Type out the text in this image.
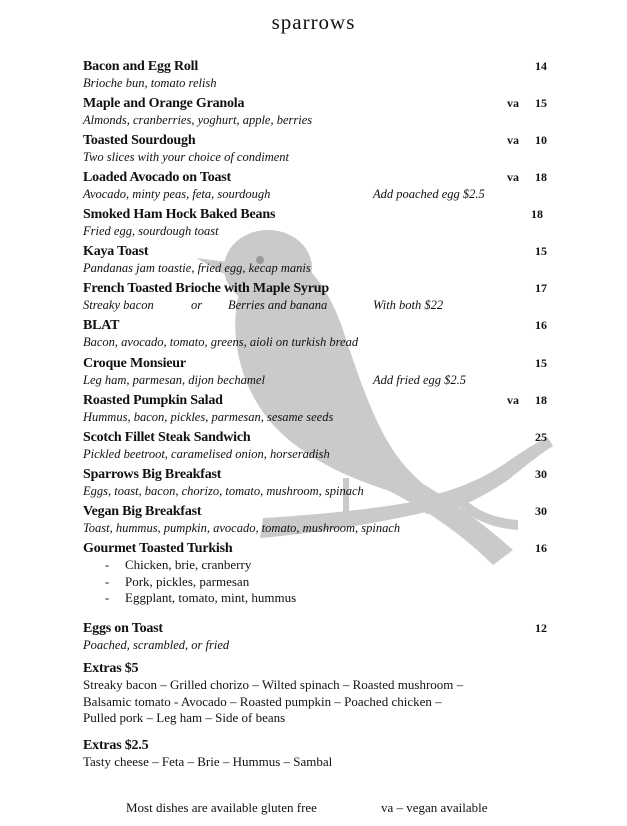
sparrows
Bacon and Egg Roll
Brioche bun, tomato relish
14
Maple and Orange Granola
Almonds, cranberries, yoghurt, apple, berries
va 15
Toasted Sourdough
Two slices with your choice of condiment
va 10
Loaded Avocado on Toast
Avocado, minty peas, feta, sourdough	Add poached egg $2.5
va 18
Smoked Ham Hock Baked Beans
Fried egg, sourdough toast
18
Kaya Toast
Pandanas jam toastie, fried egg, kecap manis
15
French Toasted Brioche with Maple Syrup
Streaky bacon	or Berries and banana	With both $22
17
BLAT
Bacon, avocado, tomato, greens, aioli on turkish bread
16
Croque Monsieur
Leg ham, parmesan, dijon bechamel	Add fried egg $2.5
15
Roasted Pumpkin Salad
Hummus, bacon, pickles, parmesan, sesame seeds
va 18
Scotch Fillet Steak Sandwich
Pickled beetroot, caramelised onion, horseradish
25
Sparrows Big Breakfast
Eggs, toast, bacon, chorizo, tomato, mushroom, spinach
30
Vegan Big Breakfast
Toast, hummus, pumpkin, avocado, tomato, mushroom, spinach
30
Gourmet Toasted Turkish
- Chicken, brie, cranberry
- Pork, pickles, parmesan
- Eggplant, tomato, mint, hummus
16
Eggs on Toast
Poached, scrambled, or fried
12
Extras $5
Streaky bacon – Grilled chorizo – Wilted spinach – Roasted mushroom –
Balsamic tomato - Avocado – Roasted pumpkin – Poached chicken –
Pulled pork – Leg ham – Side of beans
Extras $2.5
Tasty cheese – Feta – Brie – Hummus – Sambal
Most dishes are available gluten free	va – vegan available
